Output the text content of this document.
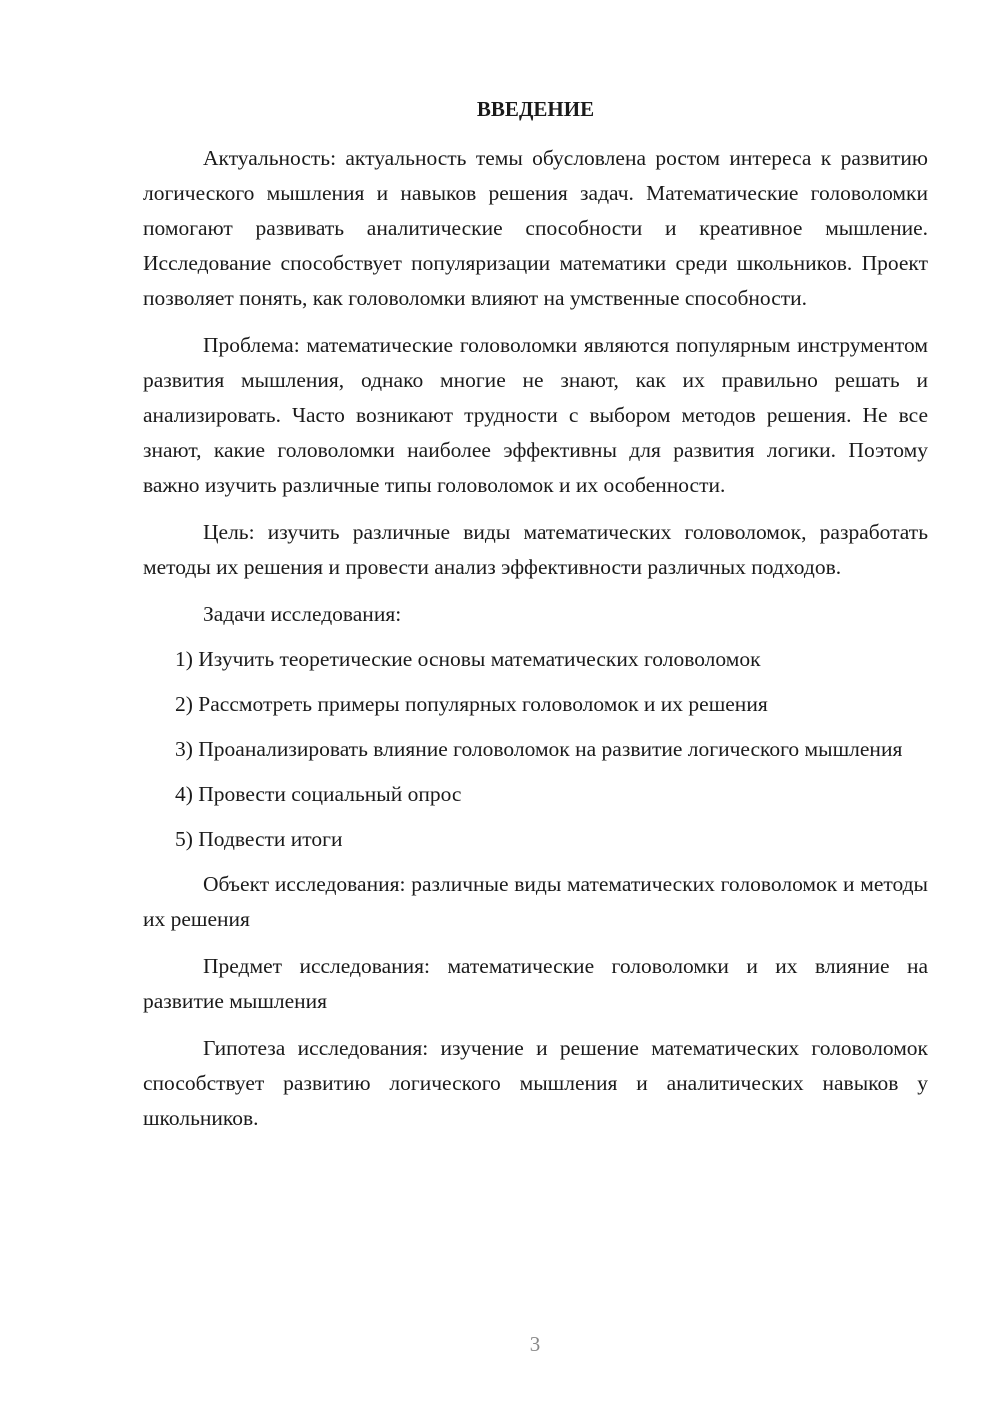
ВВЕДЕНИЕ

Актуальность: актуальность темы обусловлена ростом интереса к развитию логического мышления и навыков решения задач. Математические головоломки помогают развивать аналитические способности и креативное мышление. Исследование способствует популяризации математики среди школьников. Проект позволяет понять, как головоломки влияют на умственные способности.

Проблема: математические головоломки являются популярным инструментом развития мышления, однако многие не знают, как их правильно решать и анализировать. Часто возникают трудности с выбором методов решения. Не все знают, какие головоломки наиболее эффективны для развития логики. Поэтому важно изучить различные типы головоломок и их особенности.

Цель: изучить различные виды математических головоломок, разработать методы их решения и провести анализ эффективности различных подходов.

Задачи исследования:

1) Изучить теоретические основы математических головоломок

2) Рассмотреть примеры популярных головоломок и их решения

3) Проанализировать влияние головоломок на развитие логического мышления

4) Провести социальный опрос

5) Подвести итоги

Объект исследования: различные виды математических головоломок и методы их решения

Предмет исследования: математические головоломки и их влияние на развитие мышления

Гипотеза исследования: изучение и решение математических головоломок способствует развитию логического мышления и аналитических навыков у школьников.

3
